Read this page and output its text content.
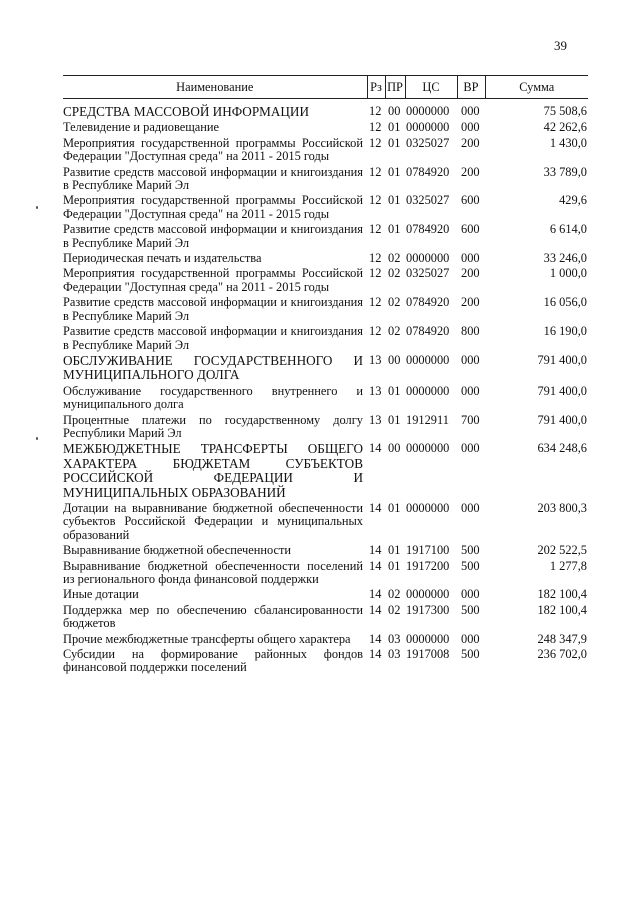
39
Наименование	Рз	ПР	ЦС	ВР	Сумма
СРЕДСТВА МАССОВОЙ ИНФОРМАЦИИ	12	00	0000000	000	75 508,6
Телевидение и радиовещание	12	01	0000000	000	42 262,6
Мероприятия государственной программы Российской Федерации "Доступная среда" на 2011 - 2015 годы	12	01	0325027	200	1 430,0
Развитие средств массовой информации и книгоиздания в Республике Марий Эл	12	01	0784920	200	33 789,0
Мероприятия государственной программы Российской Федерации "Доступная среда" на 2011 - 2015 годы	12	01	0325027	600	429,6
Развитие средств массовой информации и книгоиздания в Республике Марий Эл	12	01	0784920	600	6 614,0
Периодическая печать и издательства	12	02	0000000	000	33 246,0
Мероприятия государственной программы Российской Федерации "Доступная среда" на 2011 - 2015 годы	12	02	0325027	200	1 000,0
Развитие средств массовой информации и книгоиздания в Республике Марий Эл	12	02	0784920	200	16 056,0
Развитие средств массовой информации и книгоиздания в Республике Марий Эл	12	02	0784920	800	16 190,0
ОБСЛУЖИВАНИЕ ГОСУДАРСТВЕННОГО И МУНИЦИПАЛЬНОГО ДОЛГА	13	00	0000000	000	791 400,0
Обслуживание государственного внутреннего и муниципального долга	13	01	0000000	000	791 400,0
Процентные платежи по государственному долгу Республики Марий Эл	13	01	1912911	700	791 400,0
МЕЖБЮДЖЕТНЫЕ ТРАНСФЕРТЫ ОБЩЕГО ХАРАКТЕРА БЮДЖЕТАМ СУБЪЕКТОВ РОССИЙСКОЙ ФЕДЕРАЦИИ И МУНИЦИПАЛЬНЫХ ОБРАЗОВАНИЙ	14	00	0000000	000	634 248,6
Дотации на выравнивание бюджетной обеспеченности субъектов Российской Федерации и муниципальных образований	14	01	0000000	000	203 800,3
Выравнивание бюджетной обеспеченности	14	01	1917100	500	202 522,5
Выравнивание бюджетной обеспеченности поселений из регионального фонда финансовой поддержки	14	01	1917200	500	1 277,8
Иные дотации	14	02	0000000	000	182 100,4
Поддержка мер по обеспечению сбалансированности бюджетов	14	02	1917300	500	182 100,4
Прочие межбюджетные трансферты общего характера	14	03	0000000	000	248 347,9
Субсидии на формирование районных фондов финансовой поддержки поселений	14	03	1917008	500	236 702,0
